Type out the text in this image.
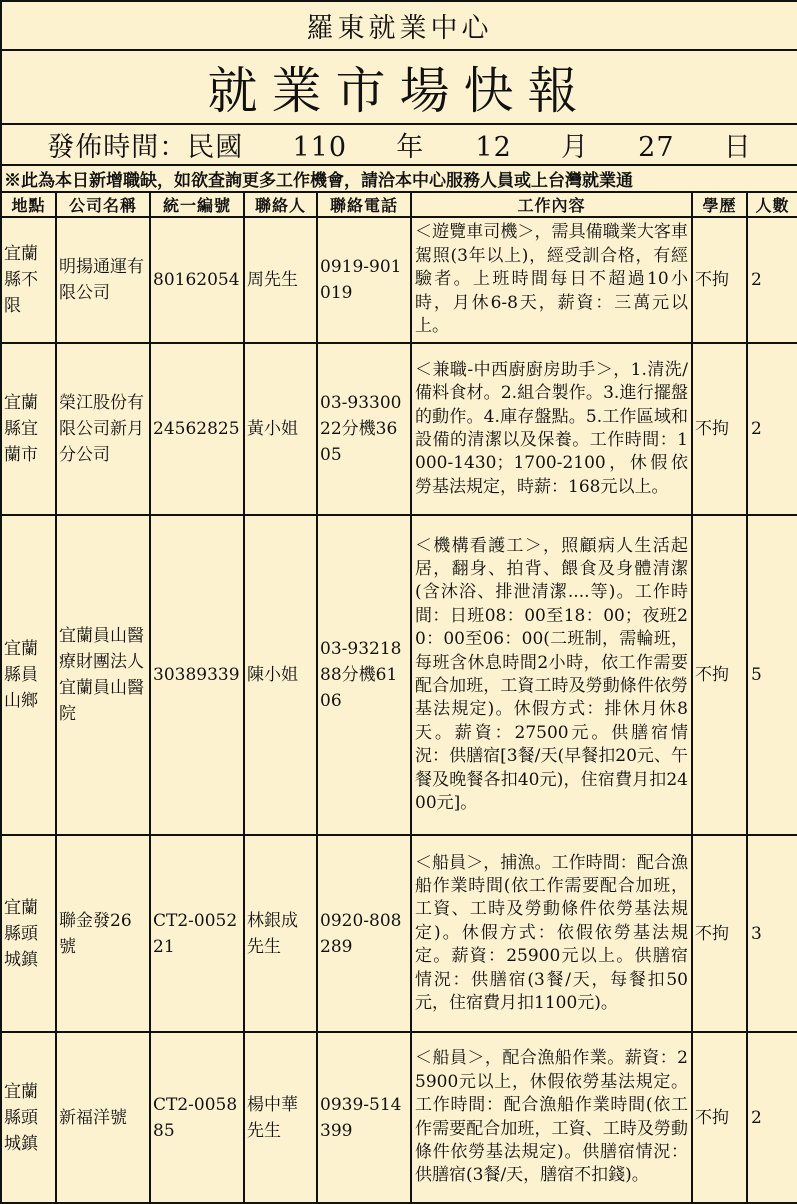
羅東就業中心							
就業市場快報							
發佈時間：民國 110 年 12 月 27 日							
※此為本日新增職缺，如欲查詢更多工作機會，請洽本中心服務人員或上台灣就業通							
地點	公司名稱	統一編號	聯絡人	聯絡電話	工作內容	學歷	人數
宜蘭縣不限	明揚通運有限公司	80162054	周先生	0919-901019	＜遊覽車司機＞，需具備職業大客車駕照(3年以上)，經受訓合格，有經驗者。上班時間每日不超過10小時，月休6-8天，薪資：三萬元以上。	不拘	2
宜蘭縣宜蘭市	榮江股份有限公司新月分公司	24562825	黃小姐	03-9330022分機3605	＜兼職-中西廚廚房助手＞，1.清洗/備料食材。2.組合製作。3.進行擺盤的動作。4.庫存盤點。5.工作區域和設備的清潔以及保養。工作時間：1000-1430；1700-2100，休假依勞基法規定，時薪：168元以上。	不拘	2
宜蘭縣員山鄉	宜蘭員山醫療財團法人宜蘭員山醫院	30389339	陳小姐	03-9321888分機6106	＜機構看護工＞，照顧病人生活起居，翻身、拍背、餵食及身體清潔(含沐浴、排泄清潔....等)。工作時間：日班08：00至18：00；夜班20：00至06：00(二班制，需輪班，每班含休息時間2小時，依工作需要配合加班，工資工時及勞動條件依勞基法規定)。休假方式：排休月休8天。薪資：27500元。供膳宿情況：供膳宿[3餐/天(早餐扣20元、午餐及晚餐各扣40元)，住宿費月扣2400元]。	不拘	5
宜蘭縣頭城鎮	聯金發26號	CT2-005221	林銀成先生	0920-808289	＜船員＞，捕漁。工作時間：配合漁船作業時間(依工作需要配合加班，工資、工時及勞動條件依勞基法規定)。休假方式：依假依勞基法規定。薪資：25900元以上。供膳宿情況：供膳宿(3餐/天，每餐扣50元，住宿費月扣1100元)。	不拘	3
宜蘭縣頭城鎮	新福洋號	CT2-005885	楊中華先生	0939-514399	＜船員＞，配合漁船作業。薪資：25900元以上，休假依勞基法規定。工作時間：配合漁船作業時間(依工作需要配合加班，工資、工時及勞動條件依勞基法規定)。供膳宿情況：供膳宿(3餐/天，膳宿不扣錢)。	不拘	2
